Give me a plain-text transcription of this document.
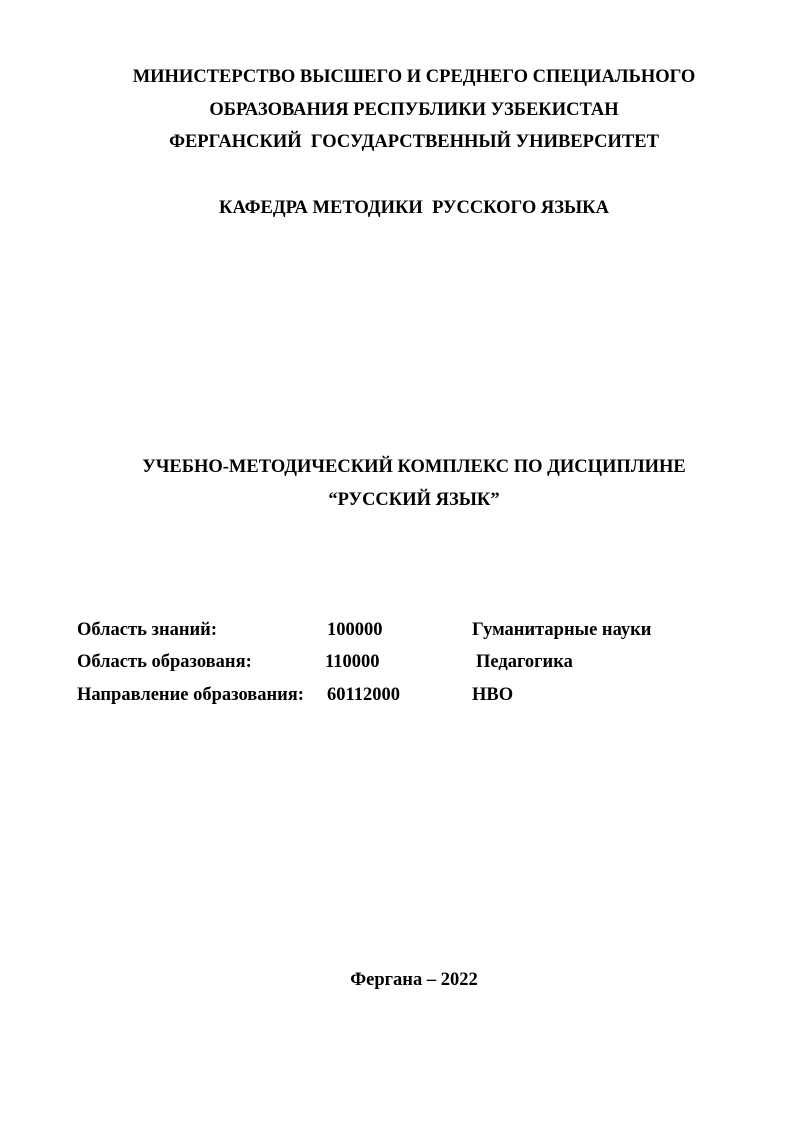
МИНИСТЕРСТВО ВЫСШЕГО И СРЕДНЕГО СПЕЦИАЛЬНОГО
ОБРАЗОВАНИЯ РЕСПУБЛИКИ УЗБЕКИСТАН
ФЕРГАНСКИЙ  ГОСУДАРСТВЕННЫЙ УНИВЕРСИТЕТ
КАФЕДРА МЕТОДИКИ  РУССКОГО ЯЗЫКА
УЧЕБНО-МЕТОДИЧЕСКИЙ КОМПЛЕКС ПО ДИСЦИПЛИНЕ
“РУССКИЙ ЯЗЫК”
Область знаний:	100000	Гуманитарные науки
Область образованя:	110000	Педагогика
Направление образования: 60112000	НВО
Фергана – 2022
